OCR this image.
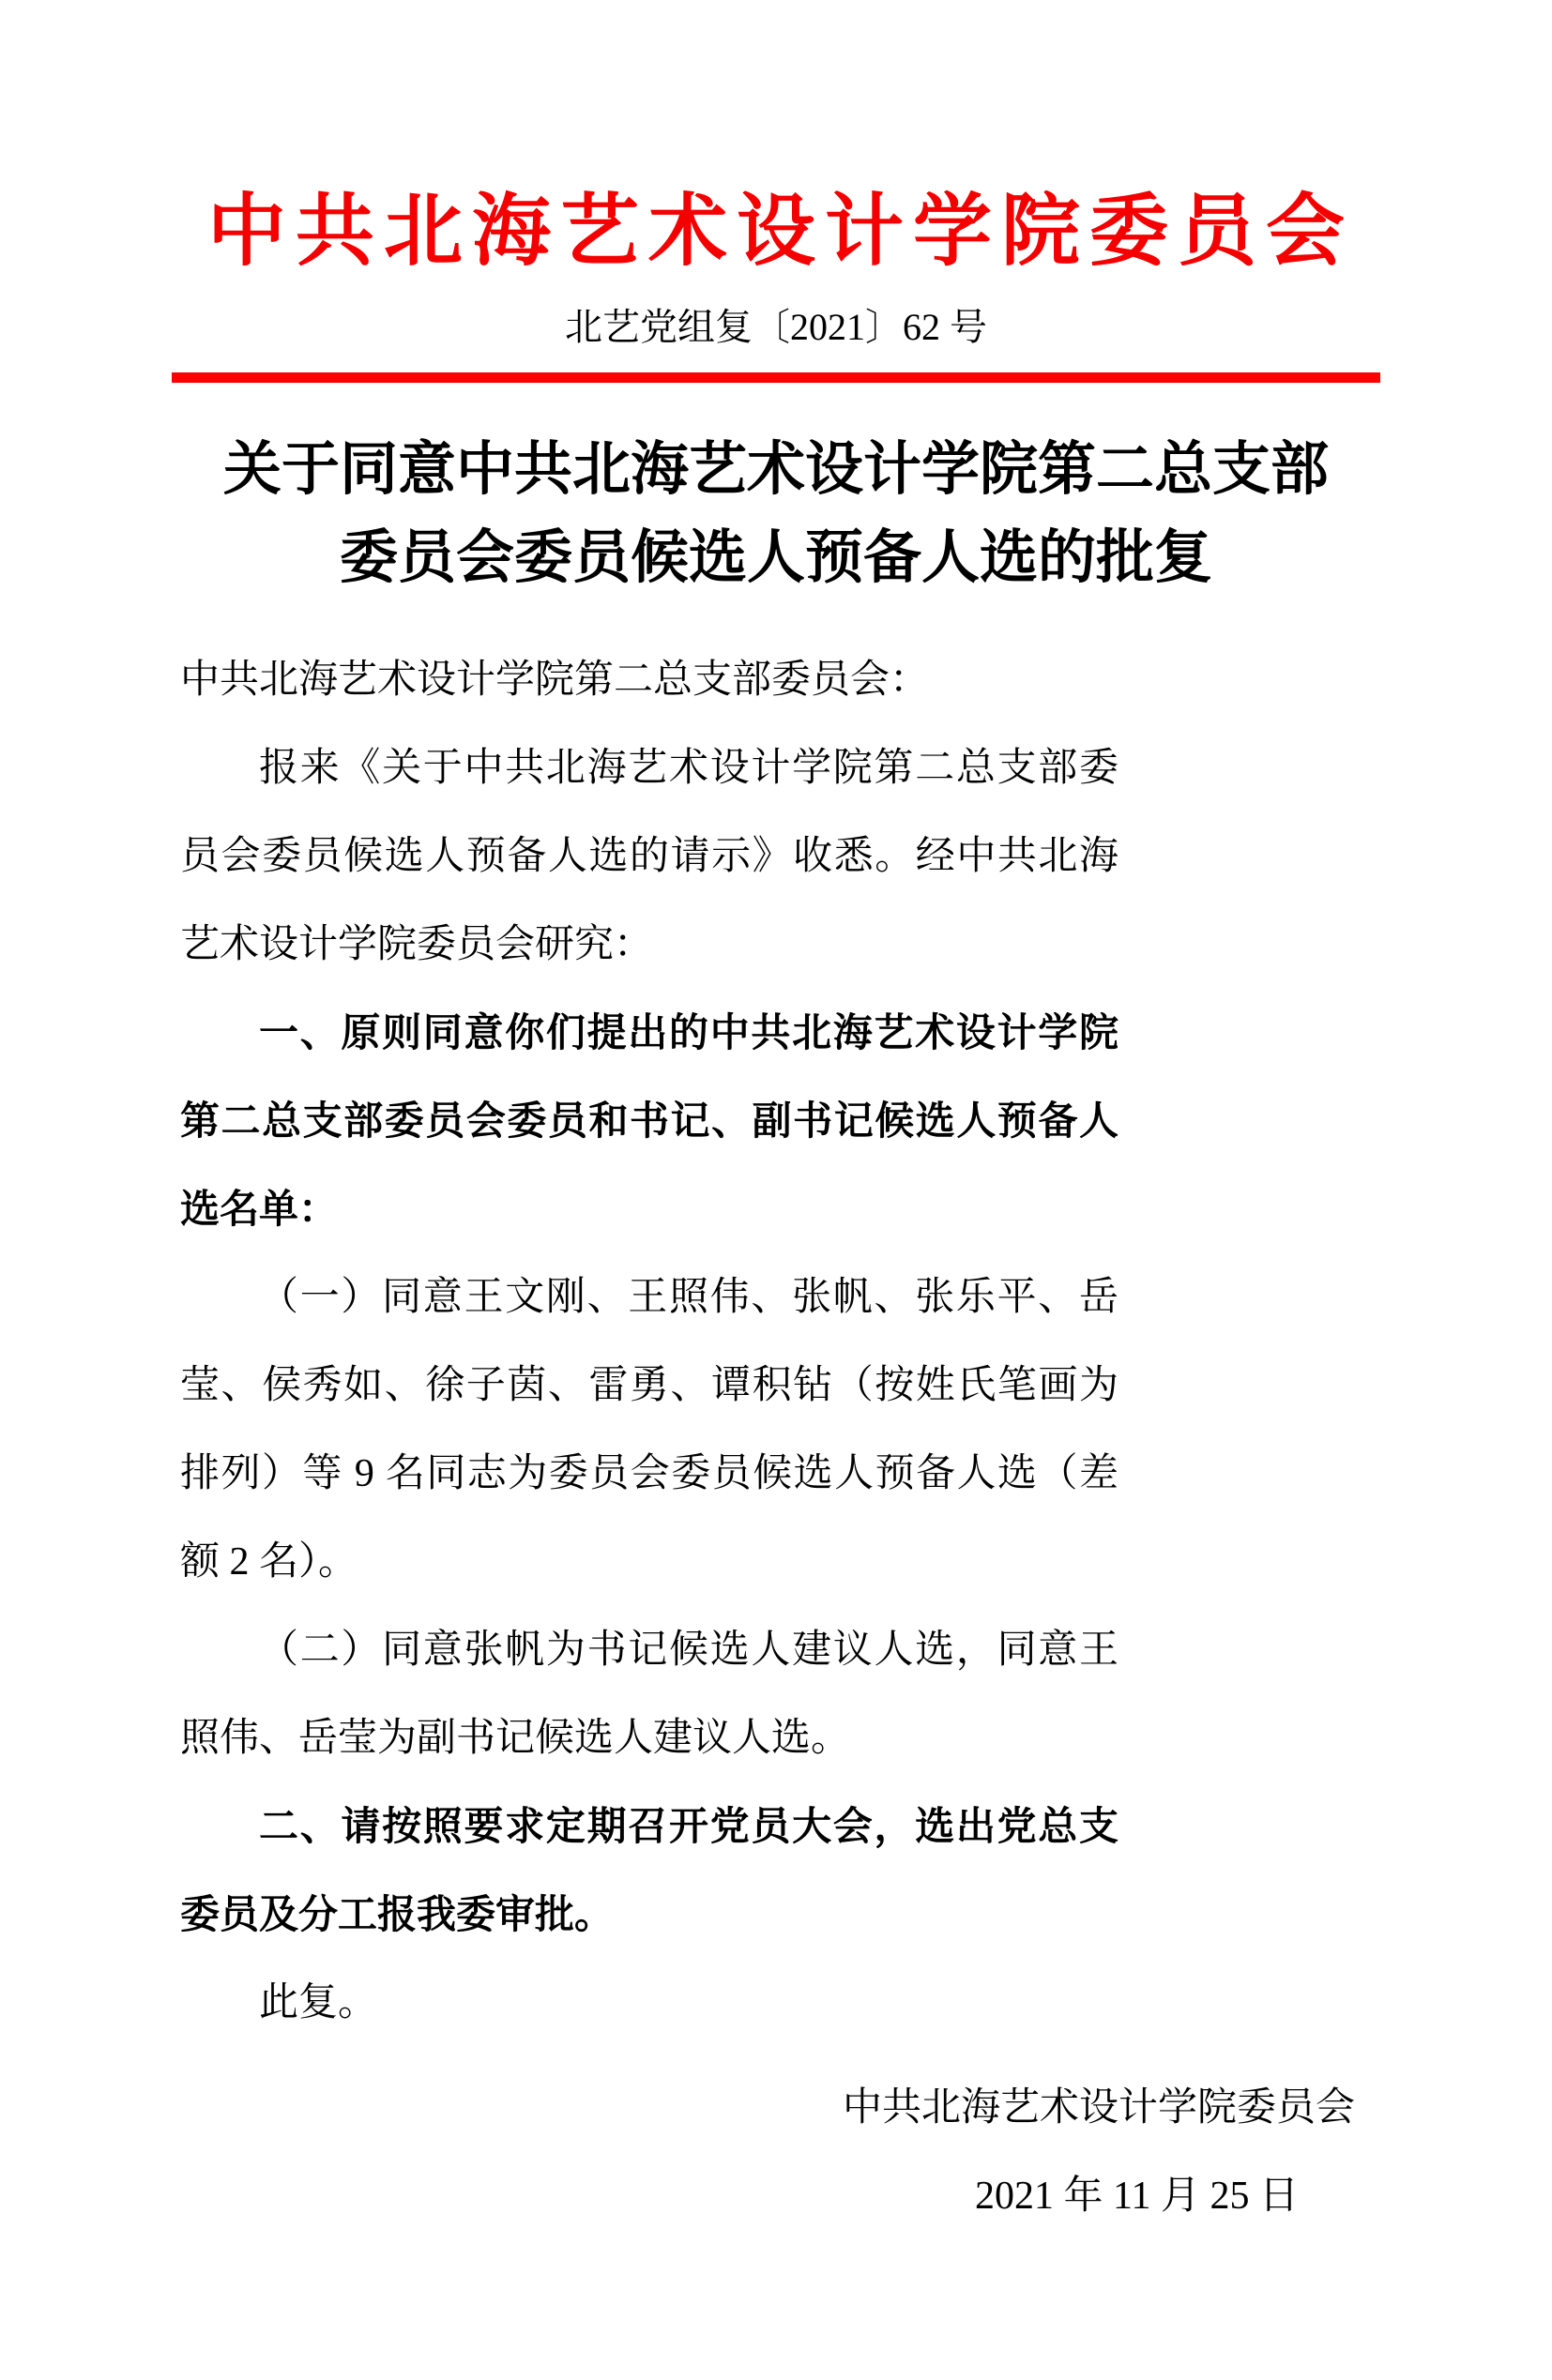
中共北海艺术设计学院委员会
北艺党组复〔2021〕62 号
关于同意中共北海艺术设计学院第二总支部
委员会委员候选人预备人选的批复

中共北海艺术设计学院第二总支部委员会：

报来《关于中共北海艺术设计学院第二总支部委员会委员候选人预备人选的请示》收悉。经中共北海艺术设计学院委员会研究：

一、原则同意你们提出的中共北海艺术设计学院第二总支部委员会委员和书记、副书记候选人预备人选名单：

（一）同意王文刚、王照伟、张帆、张乐平、岳莹、侯秀如、徐子茵、雷勇、谭积钻（按姓氏笔画为排列）等 9 名同志为委员会委员候选人预备人选（差额 2 名）。

（二）同意张帆为书记候选人建议人选，同意王照伟、岳莹为副书记候选人建议人选。

二、请按照要求定期召开党员大会，选出党总支委员及分工报我委审批。

此复。

中共北海艺术设计学院委员会
2021 年 11 月 25 日
